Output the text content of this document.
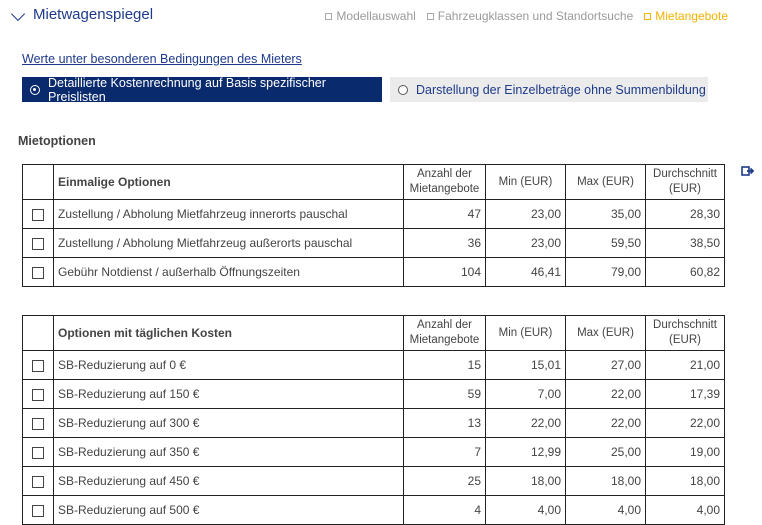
Mietwagenspiegel	Modellauswahl Fahrzeugklassen und Standortsuche Mietangebote
Werte unter besonderen Bedingungen des Mieters
Detaillierte Kostenrechnung auf Basis spezifischer Preislisten	Darstellung der Einzelbeträge ohne Summenbildung
Mietoptionen
	Einmalige Optionen	Anzahl der Mietangebote	Min (EUR)	Max (EUR)	Durchschnitt (EUR)
	Zustellung / Abholung Mietfahrzeug innerorts pauschal	47	23,00	35,00	28,30
	Zustellung / Abholung Mietfahrzeug außerorts pauschal	36	23,00	59,50	38,50
	Gebühr Notdienst / außerhalb Öffnungszeiten	104	46,41	79,00	60,82
	Optionen mit täglichen Kosten	Anzahl der Mietangebote	Min (EUR)	Max (EUR)	Durchschnitt (EUR)
	SB-Reduzierung auf 0 €	15	15,01	27,00	21,00
	SB-Reduzierung auf 150 €	59	7,00	22,00	17,39
	SB-Reduzierung auf 300 €	13	22,00	22,00	22,00
	SB-Reduzierung auf 350 €	7	12,99	25,00	19,00
	SB-Reduzierung auf 450 €	25	18,00	18,00	18,00
	SB-Reduzierung auf 500 €	4	4,00	4,00	4,00
